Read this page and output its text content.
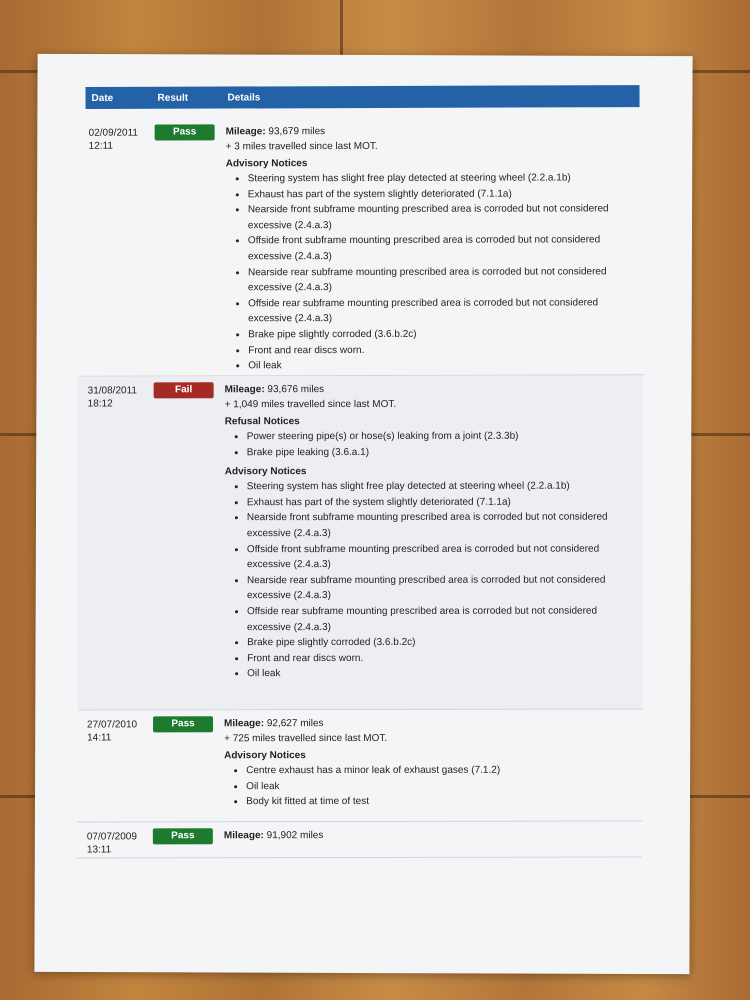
Date	Result	Details
02/09/2011
12:11
Pass	Mileage: 93,679 miles
+ 3 miles travelled since last MOT.
Advisory Notices
• Steering system has slight free play detected at steering wheel (2.2.a.1b)
• Exhaust has part of the system slightly deteriorated (7.1.1a)
• Nearside front subframe mounting prescribed area is corroded but not considered excessive (2.4.a.3)
• Offside front subframe mounting prescribed area is corroded but not considered excessive (2.4.a.3)
• Nearside rear subframe mounting prescribed area is corroded but not considered excessive (2.4.a.3)
• Offside rear subframe mounting prescribed area is corroded but not considered excessive (2.4.a.3)
• Brake pipe slightly corroded (3.6.b.2c)
• Front and rear discs worn.
• Oil leak
31/08/2011
18:12
Fail	Mileage: 93,676 miles
+ 1,049 miles travelled since last MOT.
Refusal Notices
• Power steering pipe(s) or hose(s) leaking from a joint (2.3.3b)
• Brake pipe leaking (3.6.a.1)
Advisory Notices
• Steering system has slight free play detected at steering wheel (2.2.a.1b)
• Exhaust has part of the system slightly deteriorated (7.1.1a)
• Nearside front subframe mounting prescribed area is corroded but not considered excessive (2.4.a.3)
• Offside front subframe mounting prescribed area is corroded but not considered excessive (2.4.a.3)
• Nearside rear subframe mounting prescribed area is corroded but not considered excessive (2.4.a.3)
• Offside rear subframe mounting prescribed area is corroded but not considered excessive (2.4.a.3)
• Brake pipe slightly corroded (3.6.b.2c)
• Front and rear discs worn.
• Oil leak
27/07/2010
14:11
Pass	Mileage: 92,627 miles
+ 725 miles travelled since last MOT.
Advisory Notices
• Centre exhaust has a minor leak of exhaust gases (7.1.2)
• Oil leak
• Body kit fitted at time of test
07/07/2009
13:11
Pass	Mileage: 91,902 miles
